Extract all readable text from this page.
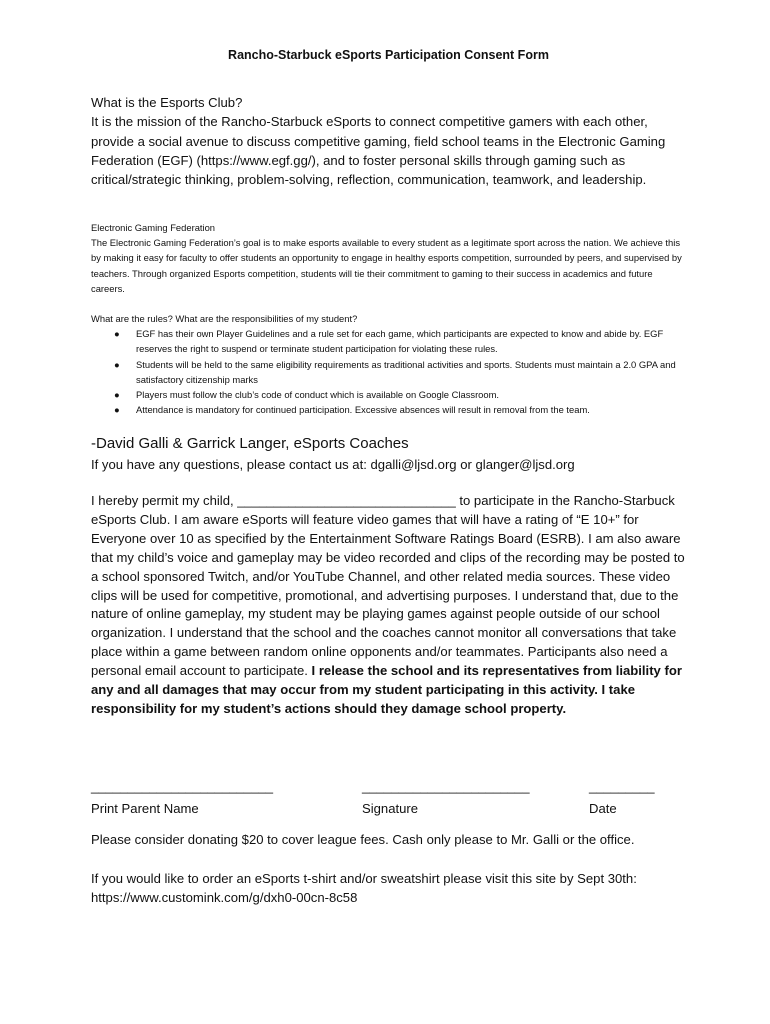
Rancho-Starbuck eSports Participation Consent Form

What is the Esports Club?

It is the mission of the Rancho-Starbuck eSports to connect competitive gamers with each other, provide a social avenue to discuss competitive gaming, field school teams in the Electronic Gaming Federation (EGF) (https://www.egf.gg/), and to foster personal skills through gaming such as critical/strategic thinking, problem-solving, reflection, communication, teamwork, and leadership.

Electronic Gaming Federation

The Electronic Gaming Federation’s goal is to make esports available to every student as a legitimate sport across the nation. We achieve this by making it easy for faculty to offer students an opportunity to engage in healthy esports competition, surrounded by peers, and supervised by teachers. Through organized Esports competition, students will tie their commitment to gaming to their success in academics and future careers.

What are the rules? What are the responsibilities of my student?

● EGF has their own Player Guidelines and a rule set for each game, which participants are expected to know and abide by. EGF reserves the right to suspend or terminate student participation for violating these rules.
● Students will be held to the same eligibility requirements as traditional activities and sports. Students must maintain a 2.0 GPA and satisfactory citizenship marks
● Players must follow the club’s code of conduct which is available on Google Classroom.
● Attendance is mandatory for continued participation. Excessive absences will result in removal from the team.
-David Galli & Garrick Langer, eSports Coaches
If you have any questions, please contact us at: dgalli@ljsd.org or glanger@ljsd.org

I hereby permit my child, ______________________________ to participate in the Rancho-Starbuck eSports Club. I am aware eSports will feature video games that will have a rating of “E 10+” for Everyone over 10 as specified by the Entertainment Software Ratings Board (ESRB). I am also aware that my child’s voice and gameplay may be video recorded and clips of the recording may be posted to a school sponsored Twitch, and/or YouTube Channel, and other related media sources. These video clips will be used for competitive, promotional, and advertising purposes. I understand that, due to the nature of online gameplay, my student may be playing games against people outside of our school organization. I understand that the school and the coaches cannot monitor all conversations that take place within a game between random online opponents and/or teammates. Participants also need a personal email account to participate. I release the school and its representatives from liability for any and all damages that may occur from my student participating in this activity. I take responsibility for my student’s actions should they damage school property.

_________________________
Print Parent Name
_______________________
Signature
_________
Date
Please consider donating $20 to cover league fees. Cash only please to Mr. Galli or the office.

If you would like to order an eSports t-shirt and/or sweatshirt please visit this site by Sept 30th:

https://www.customink.com/g/dxh0-00cn-8c58
